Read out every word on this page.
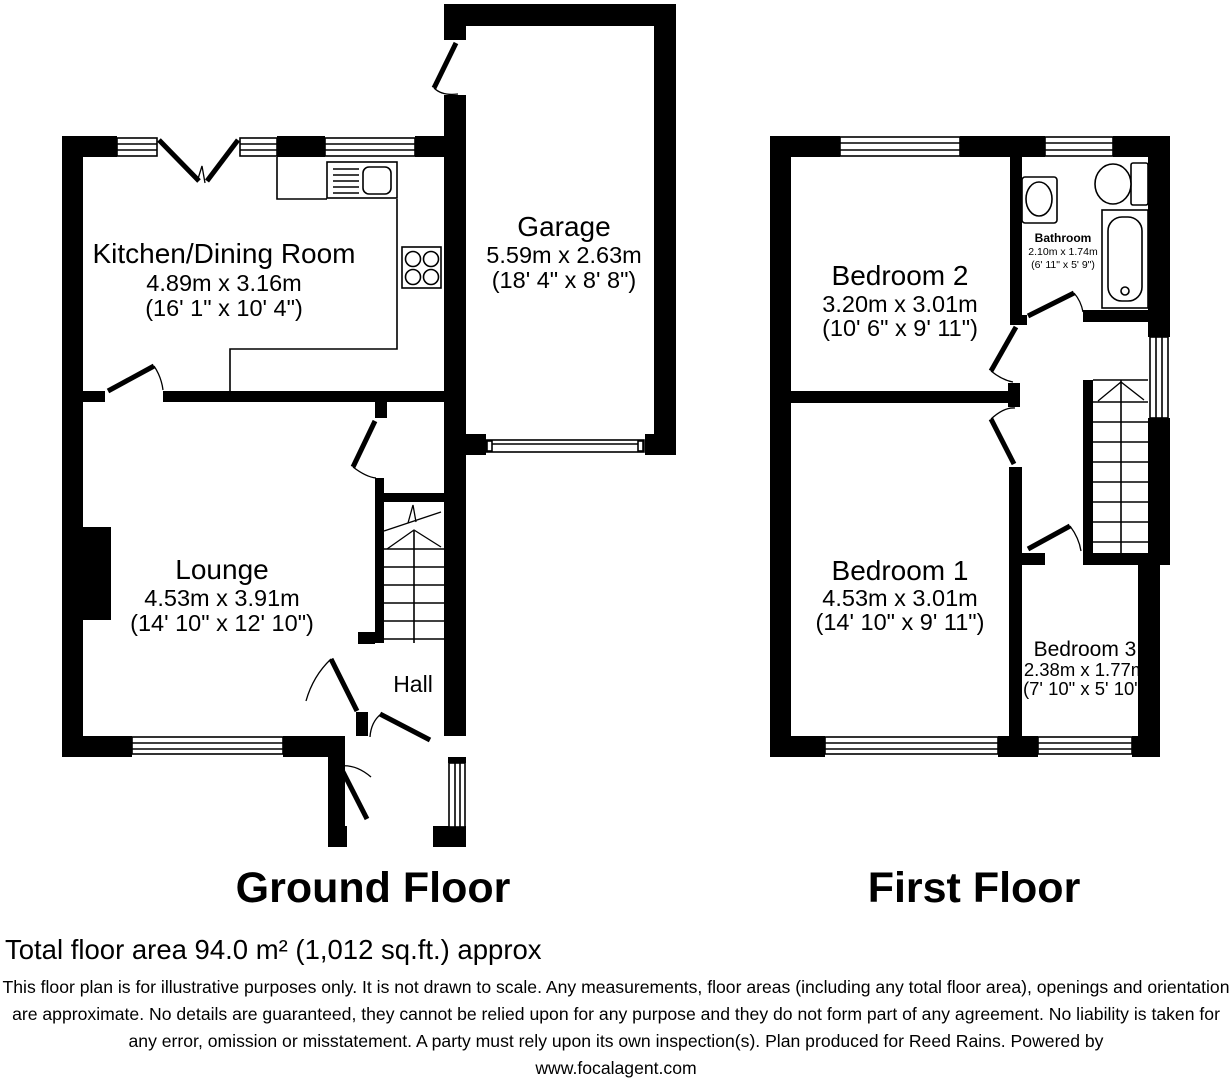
Kitchen/Dining Room
4.89m x 3.16m
(16' 1" x 10' 4")
Garage
5.59m x 2.63m
(18' 4" x 8' 8")
Lounge
4.53m x 3.91m
(14' 10" x 12' 10")
Hall
Bedroom 2
3.20m x 3.01m
(10' 6" x 9' 11")
Bathroom
2.10m x 1.74m
(6' 11" x 5' 9")
Bedroom 1
4.53m x 3.01m
(14' 10" x 9' 11")
Bedroom 3
2.38m x 1.77m
(7' 10" x 5' 10")
Ground Floor	First Floor
Total floor area 94.0 m² (1,012 sq.ft.) approx
This floor plan is for illustrative purposes only. It is not drawn to scale. Any measurements, floor areas (including any total floor area), openings and orientation are approximate. No details are guaranteed, they cannot be relied upon for any purpose and they do not form part of any agreement. No liability is taken for any error, omission or misstatement. A party must rely upon its own inspection(s). Plan produced for Reed Rains. Powered by
www.focalagent.com
